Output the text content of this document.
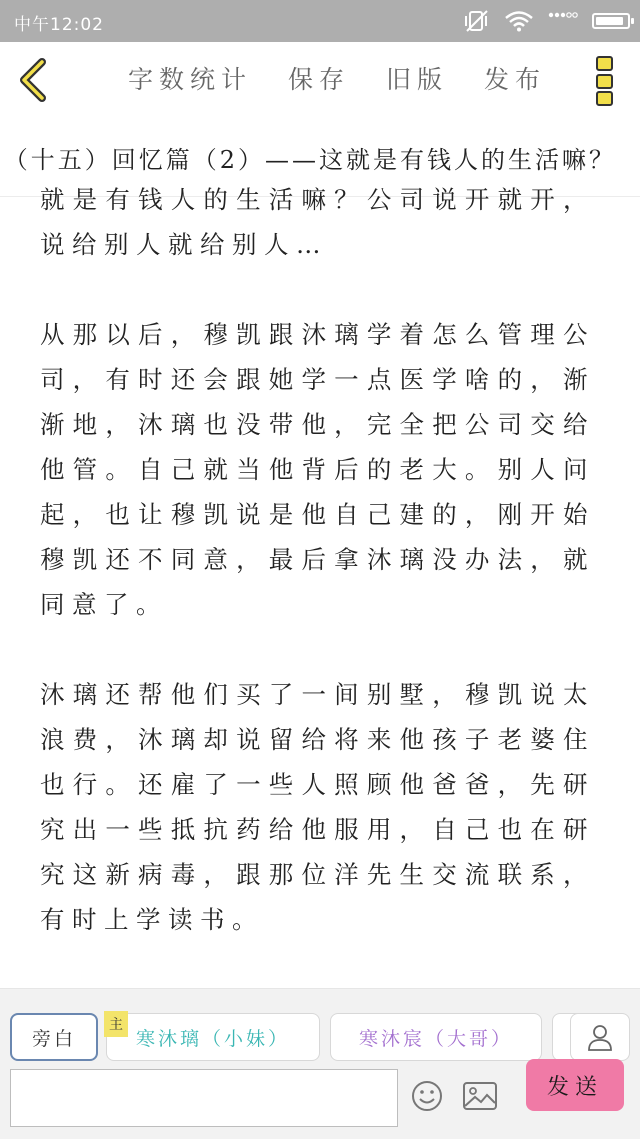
中午12:02
字数统计 保存 旧版 发布
（十五）回忆篇（2）——这就是有钱人的生活嘛？

就是有钱人的生活嘛？公司说开就开，说给别人就给别人…

从那以后，穆凯跟沐璃学着怎么管理公司，有时还会跟她学一点医学啥的，渐渐地，沐璃也没带他，完全把公司交给他管。自己就当他背后的老大。别人问起，也让穆凯说是他自己建的，刚开始穆凯还不同意，最后拿沐璃没办法，就同意了。

沐璃还帮他们买了一间别墅，穆凯说太浪费，沐璃却说留给将来他孩子老婆住也行。还雇了一些人照顾他爸爸，先研究出一些抵抗药给他服用，自己也在研究这新病毒，跟那位洋先生交流联系，有时上学读书。

旁白	寒沐璃（小妹）
主
寒沐宸（大哥）
发送
